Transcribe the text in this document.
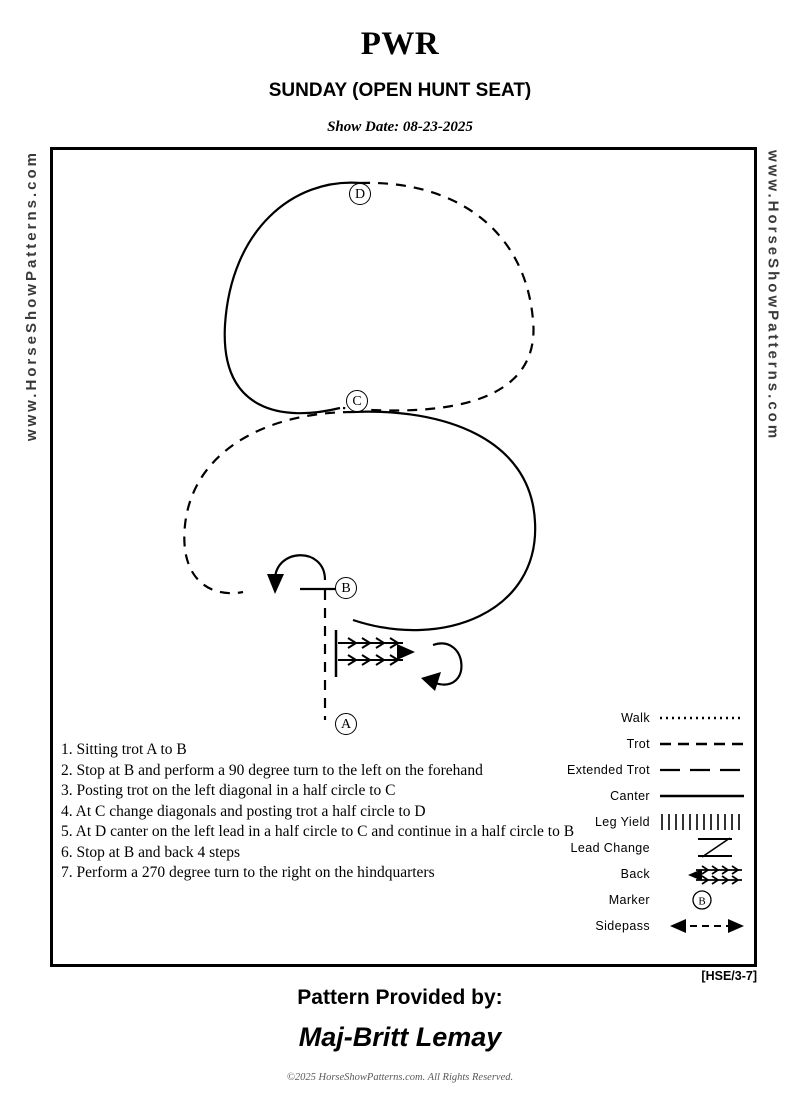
PWR
SUNDAY (OPEN HUNT SEAT)
Show Date: 08-23-2025
www.HorseShowPatterns.com	www.HorseShowPatterns.com
D
C
B
A
1. Sitting trot A to B
2. Stop at B and perform a 90 degree turn to the left on the forehand
3. Posting trot on the left diagonal in a half circle to C
4. At C change diagonals and posting trot a half circle to D
5. At D canter on the left lead in a half circle to C and continue in a half circle to B
6. Stop at B and back 4 steps
7. Perform a 270 degree turn to the right on the hindquarters
Walk
Trot
Extended Trot
Canter
Leg Yield
Lead Change
Back
Marker	B
Sidepass
[HSE/3-7]
Pattern Provided by:
Maj-Britt Lemay
©2025 HorseShowPatterns.com. All Rights Reserved.
